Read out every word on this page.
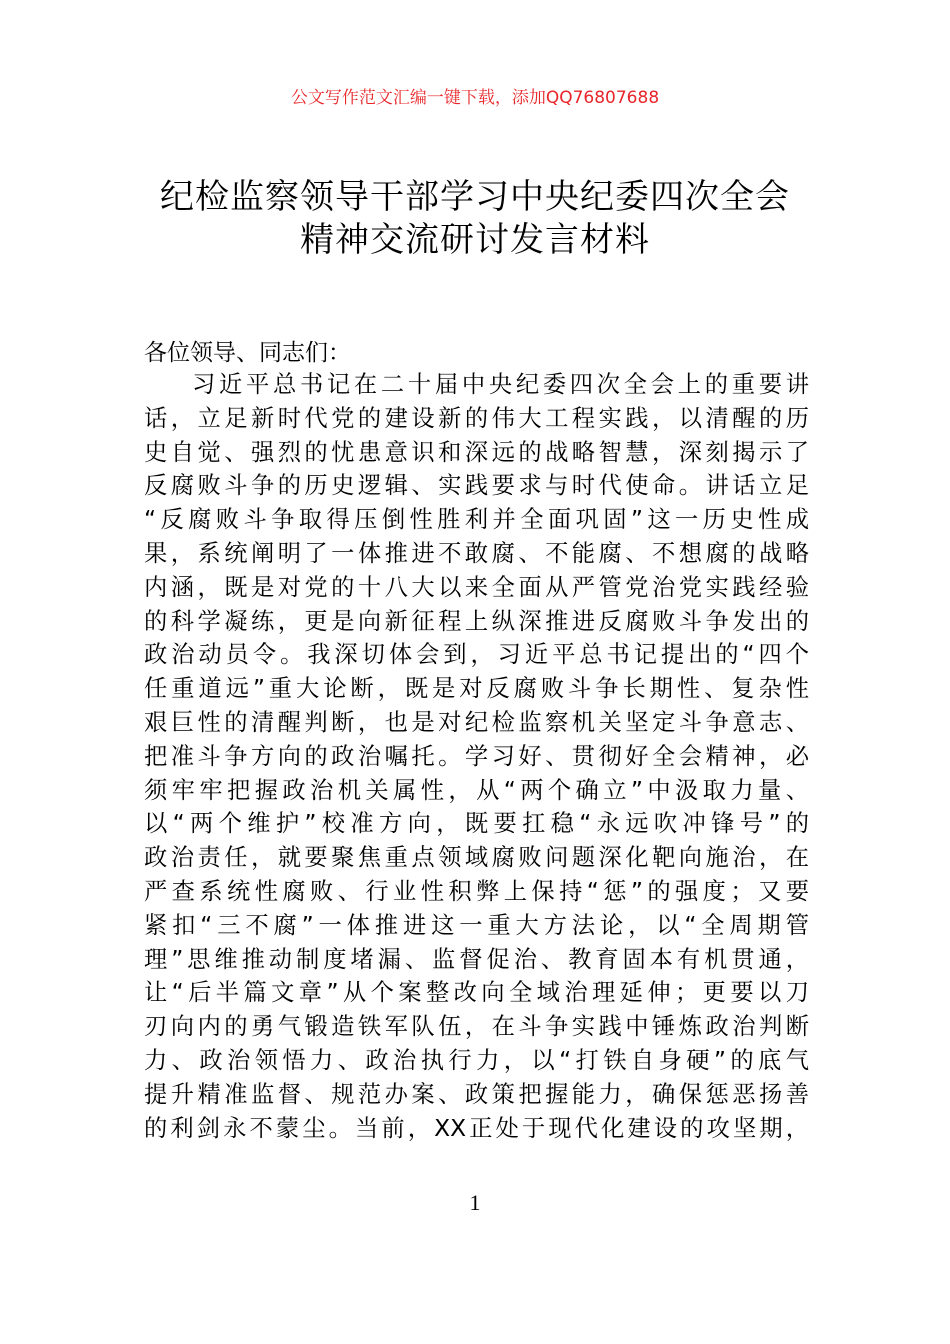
公文写作范文汇编一键下载，添加QQ76807688
纪检监察领导干部学习中央纪委四次全会
精神交流研讨发言材料
各位领导、同志们：
习近平总书记在二十届中央纪委四次全会上的重要讲
话，立足新时代党的建设新的伟大工程实践，以清醒的历
史自觉、强烈的忧患意识和深远的战略智慧，深刻揭示了
反腐败斗争的历史逻辑、实践要求与时代使命。讲话立足
“反腐败斗争取得压倒性胜利并全面巩固”这一历史性成
果，系统阐明了一体推进不敢腐、不能腐、不想腐的战略
内涵，既是对党的十八大以来全面从严管党治党实践经验
的科学凝练，更是向新征程上纵深推进反腐败斗争发出的
政治动员令。我深切体会到，习近平总书记提出的“四个
任重道远”重大论断，既是对反腐败斗争长期性、复杂性
艰巨性的清醒判断，也是对纪检监察机关坚定斗争意志、
把准斗争方向的政治嘱托。学习好、贯彻好全会精神，必
须牢牢把握政治机关属性，从“两个确立”中汲取力量、
以“两个维护”校准方向，既要扛稳“永远吹冲锋号”的
政治责任，就要聚焦重点领域腐败问题深化靶向施治，在
严查系统性腐败、行业性积弊上保持“惩”的强度；又要
紧扣“三不腐”一体推进这一重大方法论，以“全周期管
理”思维推动制度堵漏、监督促治、教育固本有机贯通，
让“后半篇文章”从个案整改向全域治理延伸；更要以刀
刃向内的勇气锻造铁军队伍，在斗争实践中锤炼政治判断
力、政治领悟力、政治执行力，以“打铁自身硬”的底气
提升精准监督、规范办案、政策把握能力，确保惩恶扬善
的利剑永不蒙尘。当前，XX正处于现代化建设的攻坚期，
1
